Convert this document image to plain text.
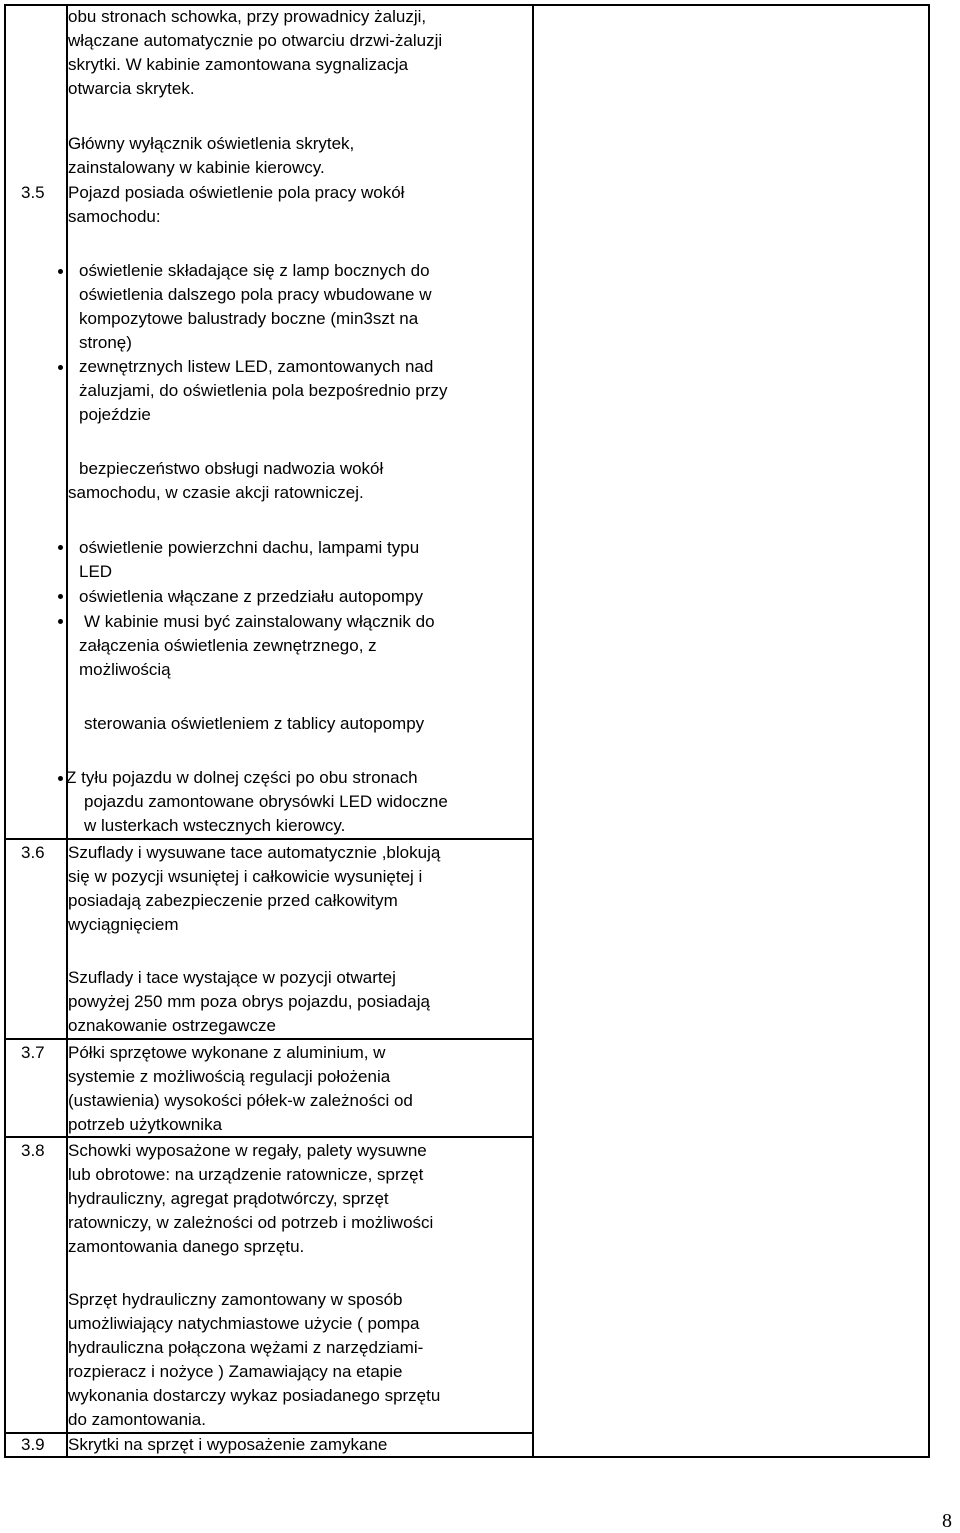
obu stronach schowka, przy prowadnicy żaluzji,
włączane automatycznie po otwarciu drzwi-żaluzji
skrytki. W kabinie zamontowana sygnalizacja
otwarcia skrytek.
Główny wyłącznik oświetlenia skrytek,
zainstalowany w kabinie kierowcy.
3.5 Pojazd posiada oświetlenie pola pracy wokół
samochodu:
oświetlenie składające się z lamp bocznych do
oświetlenia dalszego pola pracy wbudowane w
kompozytowe balustrady boczne (min3szt na
stronę)
zewnętrznych listew LED, zamontowanych nad
żaluzjami, do oświetlenia pola bezpośrednio przy
pojeździe
bezpieczeństwo obsługi nadwozia wokół
samochodu, w czasie akcji ratowniczej.
oświetlenie powierzchni dachu, lampami typu
LED
oświetlenia włączane z przedziału autopompy
W kabinie musi być zainstalowany włącznik do
załączenia oświetlenia zewnętrznego, z
możliwością
sterowania oświetleniem z tablicy autopompy
Z tyłu pojazdu w dolnej części po obu stronach
pojazdu zamontowane obrysówki LED widoczne
w lusterkach wstecznych kierowcy.
3.6 Szuflady i wysuwane tace automatycznie ,blokują
się w pozycji wsuniętej i całkowicie wysuniętej i
posiadają zabezpieczenie przed całkowitym
wyciągnięciem
Szuflady i tace wystające w pozycji otwartej
powyżej 250 mm poza obrys pojazdu, posiadają
oznakowanie ostrzegawcze
3.7 Półki sprzętowe wykonane z aluminium, w
systemie z możliwością regulacji położenia
(ustawienia) wysokości półek-w zależności od
potrzeb użytkownika
3.8 Schowki wyposażone w regały, palety wysuwne
lub obrotowe: na urządzenie ratownicze, sprzęt
hydrauliczny, agregat prądotwórczy, sprzęt
ratowniczy, w zależności od potrzeb i możliwości
zamontowania danego sprzętu.
Sprzęt hydrauliczny zamontowany w sposób
umożliwiający natychmiastowe użycie ( pompa
hydrauliczna połączona wężami z narzędziami-
rozpieracz i nożyce ) Zamawiający na etapie
wykonania dostarczy wykaz posiadanego sprzętu
do zamontowania.
3.9 Skrytki na sprzęt i wyposażenie zamykane
8
